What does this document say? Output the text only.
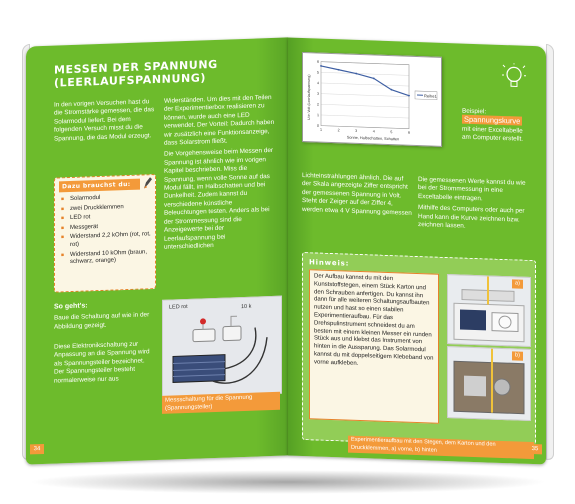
MESSEN DER SPANNUNG (LEERLAUFSPANNUNG)
In den vorigen Versuchen hast du die Stromstärke gemessen, die das Solarmodul liefert. Bei dem folgenden Versuch misst du die Spannung, die das Modul erzeugt.

Widerständen. Um dies mit den Teilen der Experimentierbox realisieren zu können, wurde auch eine LED verwendet. Der Vorteil: Dadurch haben wir zusätzlich eine Funktionsanzeige, dass Solarstrom fließt.

Die Vorgehensweise beim Messen der Spannung ist ähnlich wie im vorigen Kapitel beschrieben. Miss die Spannung, wenn volle Sonne auf das Modul fällt, im Halbschatten und bei Dunkelheit. Zudem kannst du verschiedene künstliche Beleuchtungen testen. Anders als bei der Strommessung sind die Anzeigewerte bei der Leerlaufspannung bei unterschiedlichen

Dazu brauchst du:
■ Solarmodul
■ zwei Druckklemmen
■ LED rot
■ Messgerät
■ Widerstand 2,2 kOhm (rot, rot, rot)
■ Widerstand 10 kOhm (braun, schwarz, orange)
So geht's:
Baue die Schaltung auf wie in der Abbildung gezeigt.
Diese Elektronikschaltung zur Anpassung an die Spannung wird als Spannungsteiler bezeichnet. Der Spannungsteiler besteht normalerweise nur aus
LED rot	10 k
Messschaltung für die Spannung (Spannungsteiler)
34
0
1
2
3
4
5
6
1	2	3	4	5	6
Reihe1
Sonne, Halbschatten, Schatten
U in Volt (Leerlaufspannung)	Beispiel:
Spannungskurve
mit einer Exceltabelle am Computer erstellt.
Lichteinstrahlungen ähnlich. Die auf der Skala angezeigte Ziffer entspricht der gemessenen Spannung in Volt. Steht der Zeiger auf der Ziffer 4, werden etwa 4 V Spannung gemessen

Die gemessenen Werte kannst du wie bei der Strommessung in eine Exceltabelle eintragen.

Mithilfe des Computers oder auch per Hand kann die Kurve zeichnen bzw. zeichnen lassen.

Hinweis:
Der Aufbau kannst du mit den Kunststoffstegen, einem Stück Karton und den Schrauben anfertigen. Du kannst ihn dann für alle weiteren Schaltungsaufbauten nutzen und hast so einen stabilen Experimentieraufbau. Für das Drehspulinstrument schneidest du am besten mit einem kleinen Messer ein runden Stück aus und klebst das Instrument von hinten in die Aussparung. Das Solarmodul kannst du mit doppelseitigem Klebeband von vorne aufkleben.
a)
b)
Experimentieraufbau mit den Stegen, dem Karton und den Druckklemmen, a) vorne, b) hinten	35
